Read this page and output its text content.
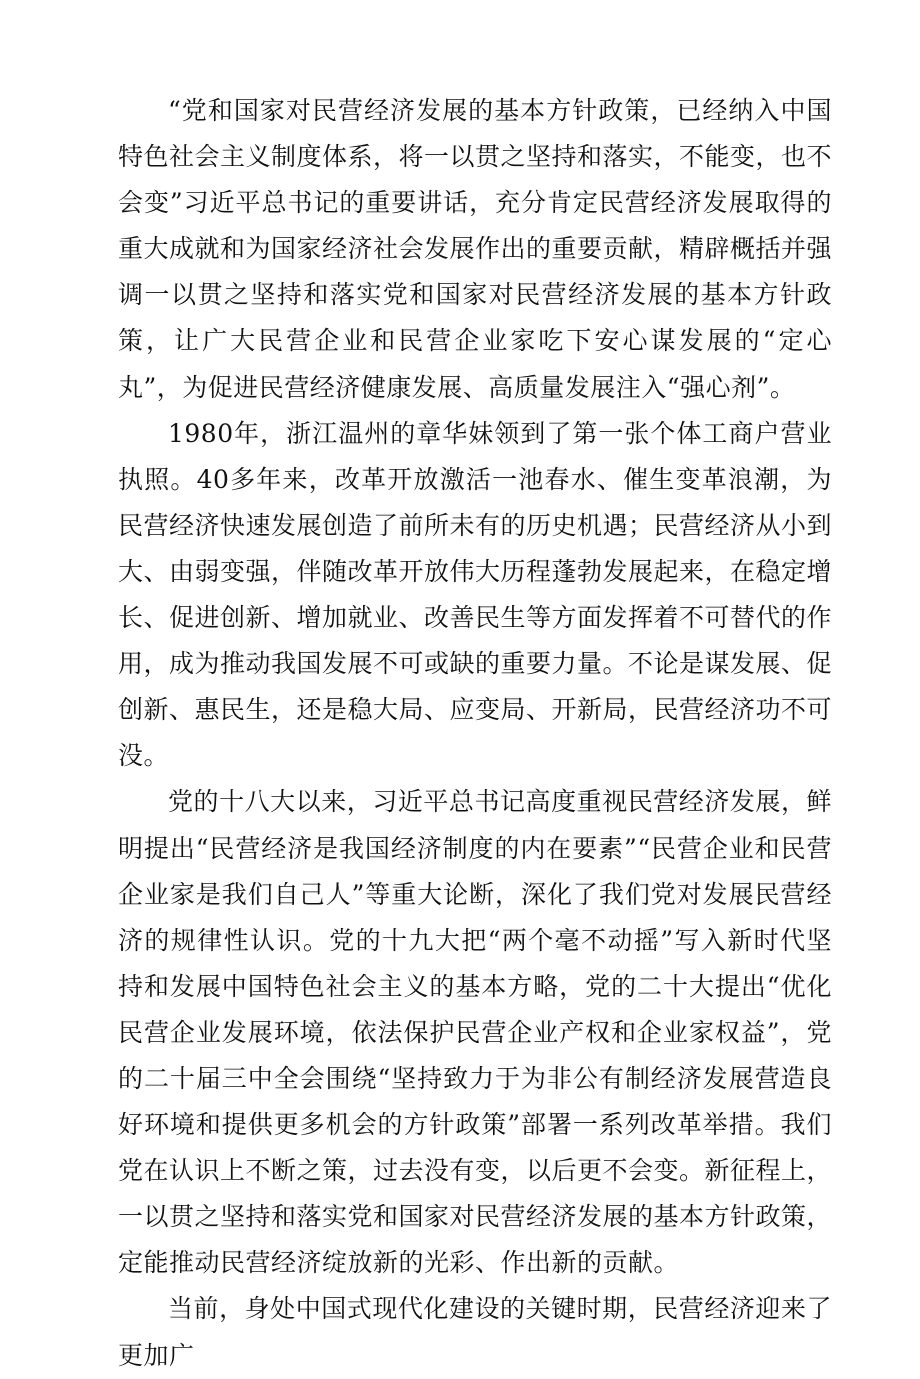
“党和国家对民营经济发展的基本方针政策，已经纳入中国特色社会主义制度体系，将一以贯之坚持和落实，不能变，也不会变”习近平总书记的重要讲话，充分肯定民营经济发展取得的重大成就和为国家经济社会发展作出的重要贡献，精辟概括并强调一以贯之坚持和落实党和国家对民营经济发展的基本方针政策，让广大民营企业和民营企业家吃下安心谋发展的“定心丸”，为促进民营经济健康发展、高质量发展注入“强心剂”。

1980年，浙江温州的章华妹领到了第一张个体工商户营业执照。40多年来，改革开放激活一池春水、催生变革浪潮，为民营经济快速发展创造了前所未有的历史机遇；民营经济从小到大、由弱变强，伴随改革开放伟大历程蓬勃发展起来，在稳定增长、促进创新、增加就业、改善民生等方面发挥着不可替代的作用，成为推动我国发展不可或缺的重要力量。不论是谋发展、促创新、惠民生，还是稳大局、应变局、开新局，民营经济功不可没。

党的十八大以来，习近平总书记高度重视民营经济发展，鲜明提出“民营经济是我国经济制度的内在要素”“民营企业和民营企业家是我们自己人”等重大论断，深化了我们党对发展民营经济的规律性认识。党的十九大把“两个毫不动摇”写入新时代坚持和发展中国特色社会主义的基本方略，党的二十大提出“优化民营企业发展环境，依法保护民营企业产权和企业家权益”，党的二十届三中全会围绕“坚持致力于为非公有制经济发展营造良好环境和提供更多机会的方针政策”部署一系列改革举措。我们党在认识上不断之策，过去没有变，以后更不会变。新征程上，一以贯之坚持和落实党和国家对民营经济发展的基本方针政策，定能推动民营经济绽放新的光彩、作出新的贡献。

当前，身处中国式现代化建设的关键时期，民营经济迎来了更加广
